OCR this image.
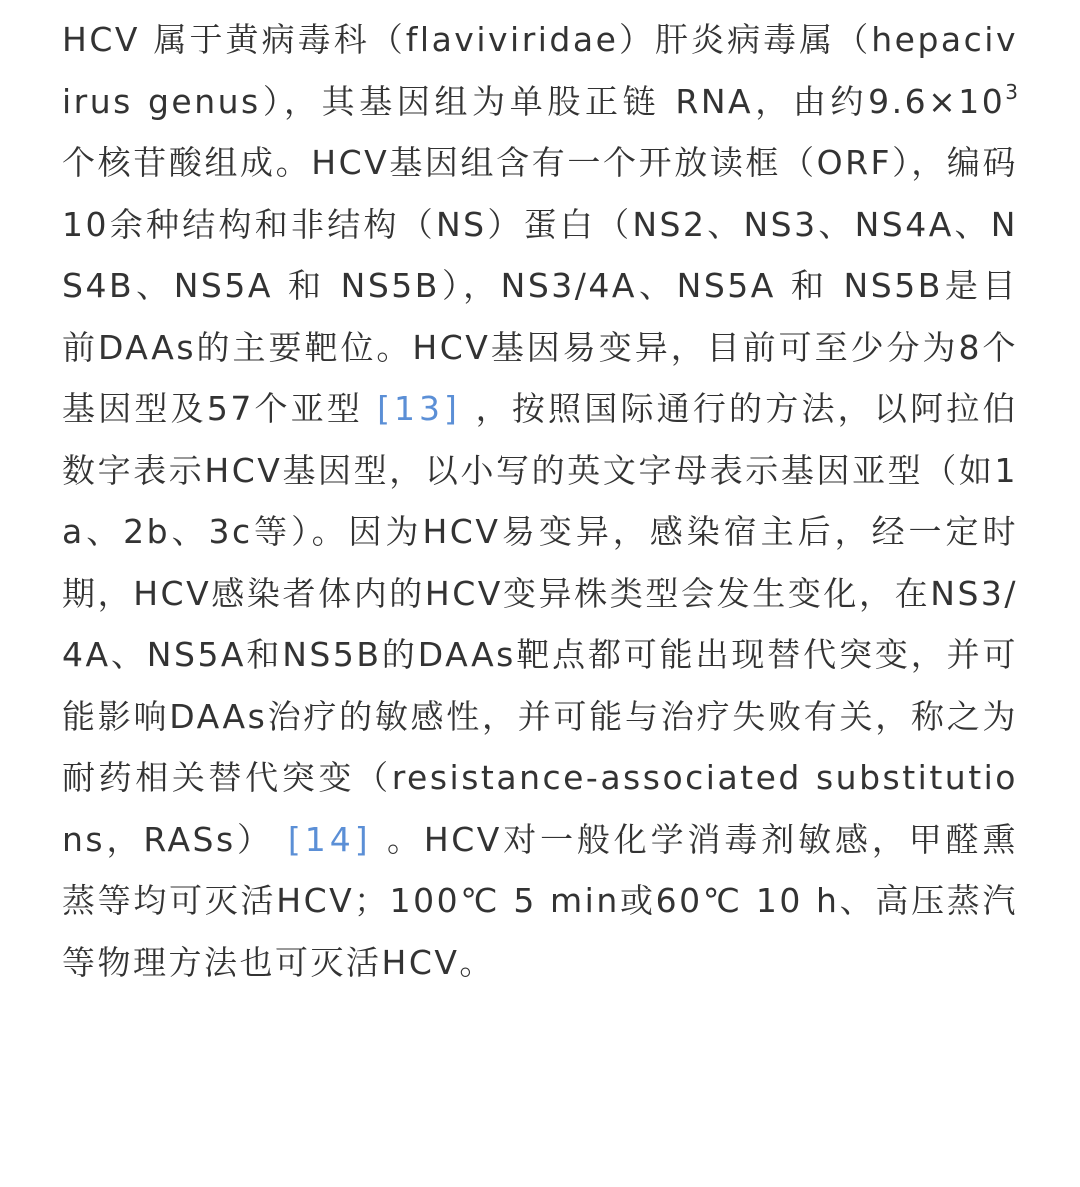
HCV 属于黄病毒科（flaviviridae）肝炎病毒属（hepacivirus genus），其基因组为单股正链 RNA，由约$9.6\times 10^3$ 个核苷酸组成。HCV基因组含有一个开放读框（ORF），编码10余种结构和非结构（NS）蛋白（NS2、NS3、NS4A、NS4B、NS5A 和 NS5B），NS3/4A、NS5A 和 NS5B是目前DAAs的主要靶位。HCV基因易变异，目前可至少分为8个基因型及57个亚型 [13] ，按照国际通行的方法，以阿拉伯数字表示HCV基因型，以小写的英文字母表示基因亚型（如1a、2b、3c等）。因为HCV易变异，感染宿主后，经一定时期，HCV感染者体内的HCV变异株类型会发生变化，在NS3/4A、NS5A和NS5B的DAAs靶点都可能出现替代突变，并可能影响DAAs治疗的敏感性，并可能与治疗失败有关，称之为耐药相关替代突变（resistance-associated substitutions，RASs） [14] 。HCV对一般化学消毒剂敏感，甲醛熏蒸等均可灭活HCV；100℃ 5 min或60℃ 10 h、高压蒸汽等物理方法也可灭活HCV。
